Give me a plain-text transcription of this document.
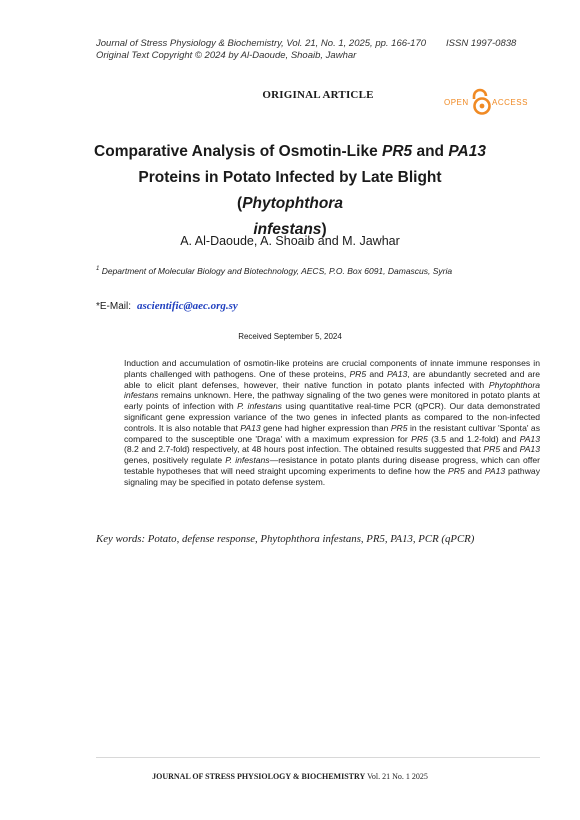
Journal of Stress Physiology & Biochemistry, Vol. 21, No. 1, 2025, pp. 166-170 ISSN 1997-0838
Original Text Copyright © 2024 by Al-Daoude, Shoaib, Jawhar
ORIGINAL ARTICLE
OPEN	ACCESS
Comparative Analysis of Osmotin-Like PR5 and PA13
Proteins in Potato Infected by Late Blight (Phytophthora
infestans)
A. Al-Daoude, A. Shoaib and M. Jawhar
$^1$ Department of Molecular Biology and Biotechnology, AECS, P.O. Box 6091, Damascus, Syria
*E-Mail: ascientific@aec.org.sy
Received September 5, 2024
Induction and accumulation of osmotin-like proteins are crucial components of innate immune responses in plants challenged with pathogens. One of these proteins, PR5 and PA13, are abundantly secreted and are able to elicit plant defenses, however, their native function in potato plants infected with Phytophthora infestans remains unknown. Here, the pathway signaling of the two genes were monitored in potato plants at early points of infection with P. infestans using quantitative real-time PCR (qPCR). Our data demonstrated significant gene expression variance of the two genes in infected plants as compared to the non-infected controls. It is also notable that PA13 gene had higher expression than PR5 in the resistant cultivar 'Sponta' as compared to the susceptible one 'Draga' with a maximum expression for PR5 (3.5 and 1.2-fold) and PA13 (8.2 and 2.7-fold) respectively, at 48 hours post infection. The obtained results suggested that PR5 and PA13 genes, positively regulate P. infestans—resistance in potato plants during disease progress, which can offer testable hypotheses that will need straight upcoming experiments to define how the PR5 and PA13 pathway signaling may be specified in potato defense system.
Key words: Potato, defense response, Phytophthora infestans, PR5, PA13, PCR (qPCR)
JOURNAL OF STRESS PHYSIOLOGY & BIOCHEMISTRY Vol. 21 No. 1 2025
